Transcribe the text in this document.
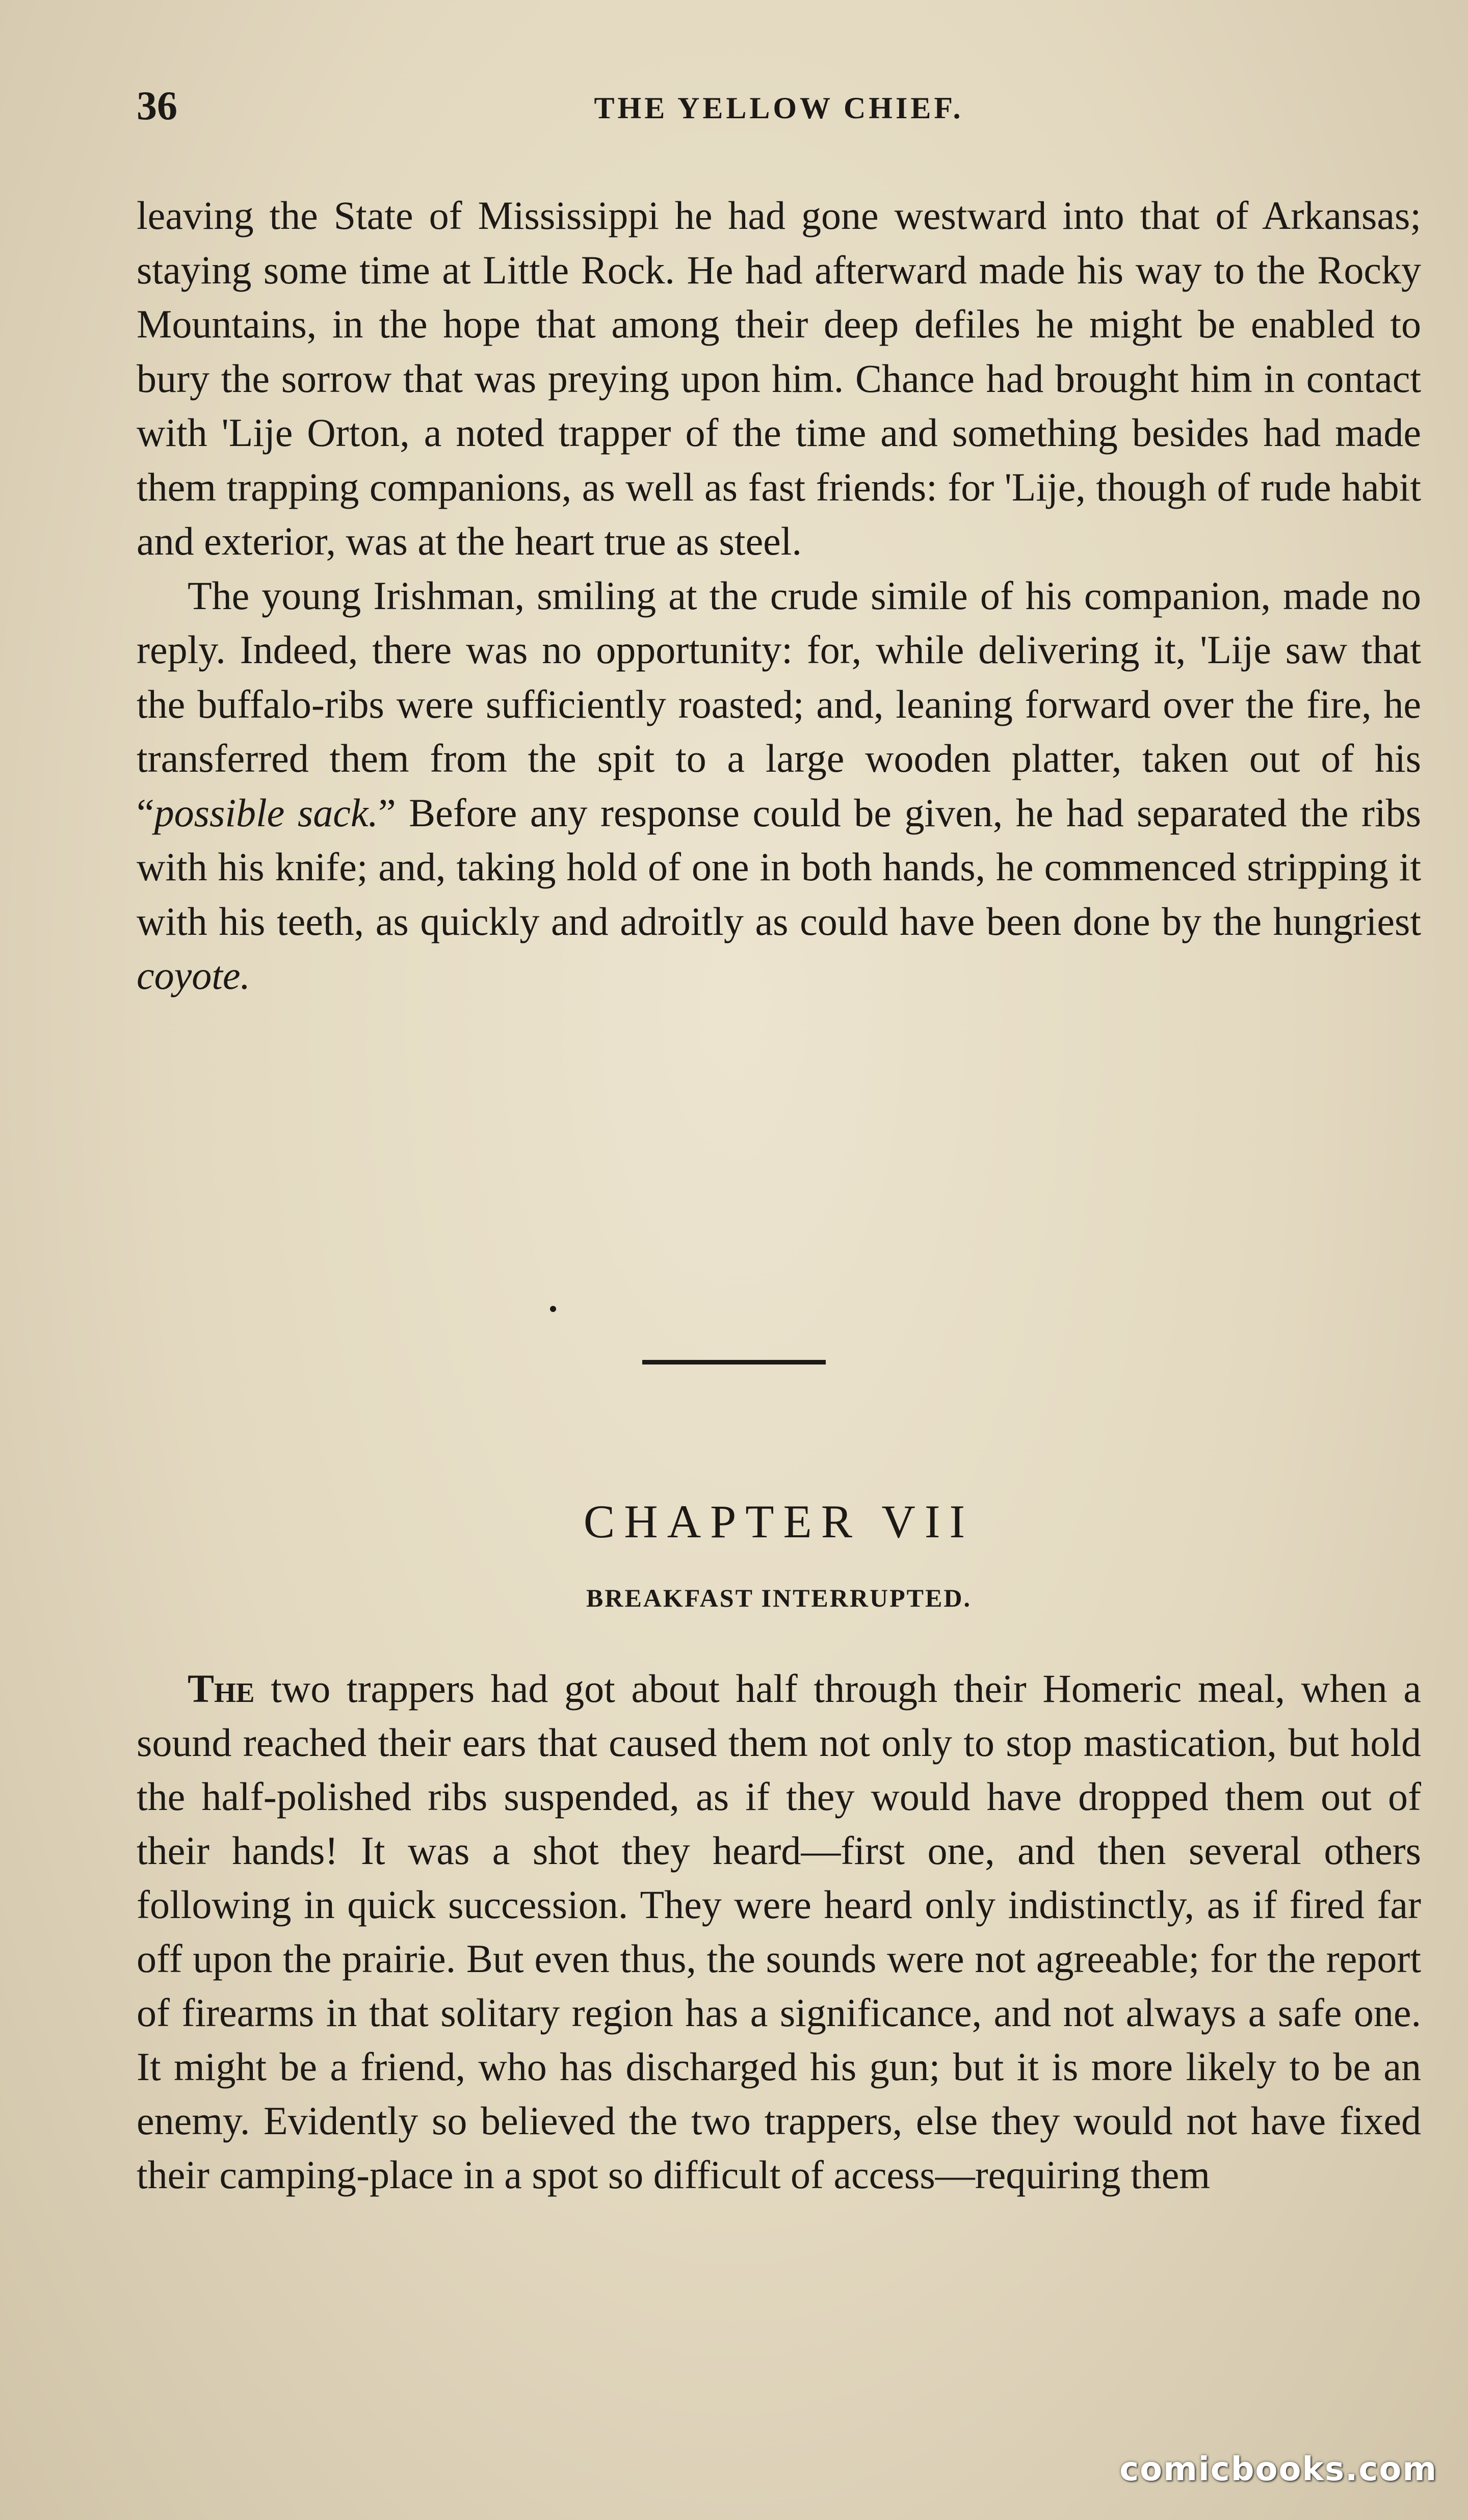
36	THE YELLOW CHIEF.

leaving the State of Mississippi he had gone westward into that of Arkansas; staying some time at Little Rock. He had afterward made his way to the Rocky Mountains, in the hope that among their deep defiles he might be enabled to bury the sorrow that was preying upon him. Chance had brought him in contact with 'Lije Orton, a noted trapper of the time and something besides had made them trapping companions, as well as fast friends: for 'Lije, though of rude habit and exterior, was at the heart true as steel.

The young Irishman, smiling at the crude simile of his companion, made no reply. Indeed, there was no opportunity: for, while delivering it, 'Lije saw that the buffalo-ribs were sufficiently roasted; and, leaning forward over the fire, he transferred them from the spit to a large wooden platter, taken out of his “possible sack.” Before any response could be given, he had separated the ribs with his knife; and, taking hold of one in both hands, he commenced stripping it with his teeth, as quickly and adroitly as could have been done by the hungriest coyote.

CHAPTER VII
BREAKFAST INTERRUPTED.

The two trappers had got about half through their Homeric meal, when a sound reached their ears that caused them not only to stop mastication, but hold the half-polished ribs suspended, as if they would have dropped them out of their hands! It was a shot they heard—first one, and then several others following in quick succession. They were heard only indistinctly, as if fired far off upon the prairie. But even thus, the sounds were not agreeable; for the report of firearms in that solitary region has a significance, and not always a safe one. It might be a friend, who has discharged his gun; but it is more likely to be an enemy. Evidently so believed the two trappers, else they would not have fixed their camping-place in a spot so difficult of access—requiring them

comicbooks.com
